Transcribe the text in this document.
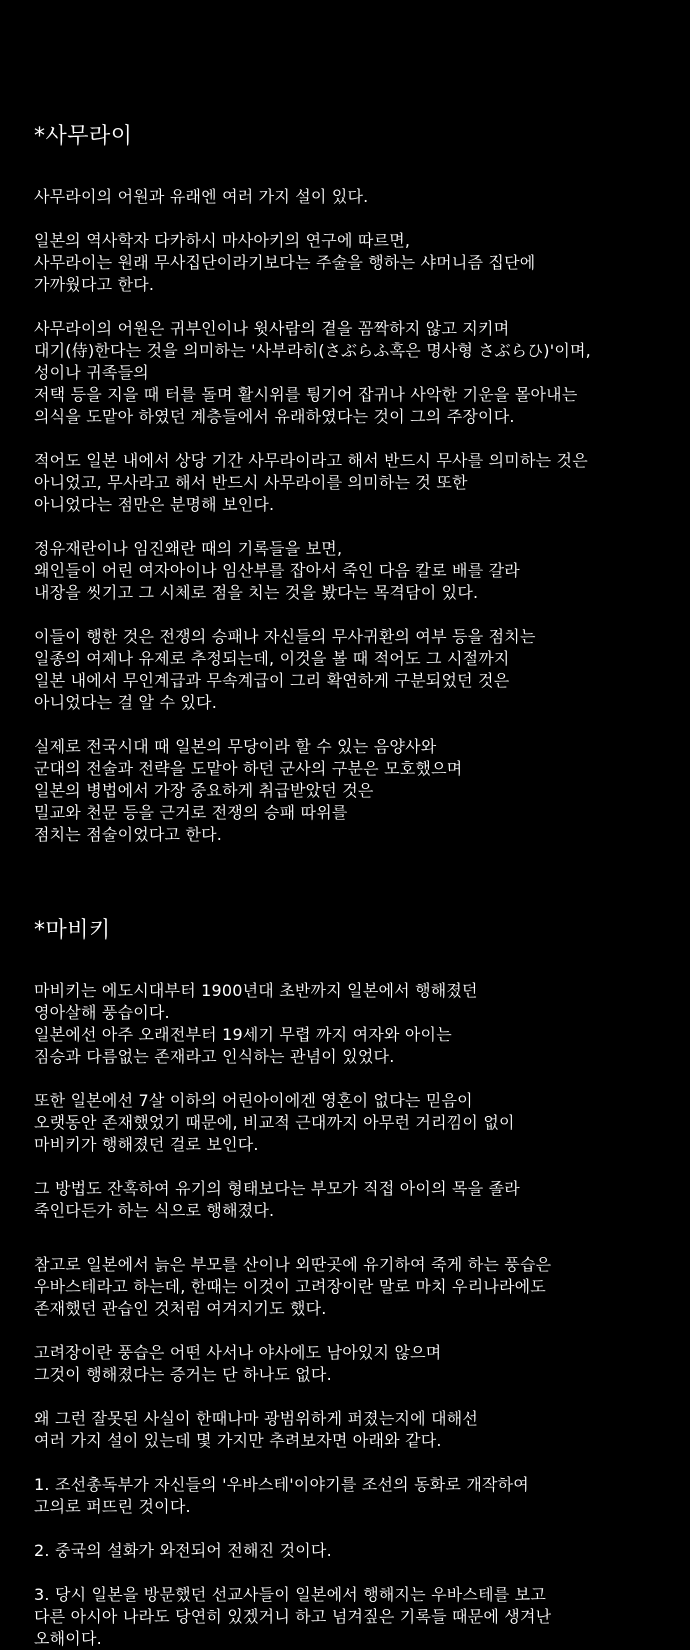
*사무라이

사무라이의 어원과 유래엔 여러 가지 설이 있다.

일본의 역사학자 다카하시 마사아키의 연구에 따르면,
사무라이는 원래 무사집단이라기보다는 주술을 행하는 샤머니즘 집단에
가까웠다고 한다.

사무라이의 어원은 귀부인이나 윗사람의 곁을 꼼짝하지 않고 지키며
대기(侍)한다는 것을 의미하는 '사부라히(さぶらふ혹은 명사형 さぶらひ)'이며,
성이나 귀족들의
저택 등을 지을 때 터를 돌며 활시위를 튕기어 잡귀나 사악한 기운을 몰아내는
의식을 도맡아 하였던 계층들에서 유래하였다는 것이 그의 주장이다.

적어도 일본 내에서 상당 기간 사무라이라고 해서 반드시 무사를 의미하는 것은
아니었고, 무사라고 해서 반드시 사무라이를 의미하는 것 또한
아니었다는 점만은 분명해 보인다.

정유재란이나 임진왜란 때의 기록들을 보면,
왜인들이 어린 여자아이나 임산부를 잡아서 죽인 다음 칼로 배를 갈라
내장을 씻기고 그 시체로 점을 치는 것을 봤다는 목격담이 있다.

이들이 행한 것은 전쟁의 승패나 자신들의 무사귀환의 여부 등을 점치는
일종의 여제나 유제로 추정되는데, 이것을 볼 때 적어도 그 시절까지
일본 내에서 무인계급과 무속계급이 그리 확연하게 구분되었던 것은
아니었다는 걸 알 수 있다.

실제로 전국시대 때 일본의 무당이라 할 수 있는 음양사와
군대의 전술과 전략을 도맡아 하던 군사의 구분은 모호했으며
일본의 병법에서 가장 중요하게 취급받았던 것은
밀교와 천문 등을 근거로 전쟁의 승패 따위를
점치는 점술이었다고 한다.

*마비키

마비키는 에도시대부터 1900년대 초반까지 일본에서 행해졌던
영아살해 풍습이다.
일본에선 아주 오래전부터 19세기 무렵 까지 여자와 아이는
짐승과 다름없는 존재라고 인식하는 관념이 있었다.

또한 일본에선 7살 이하의 어린아이에겐 영혼이 없다는 믿음이
오랫동안 존재했었기 때문에, 비교적 근대까지 아무런 거리낌이 없이
마비키가 행해졌던 걸로 보인다.

그 방법도 잔혹하여 유기의 형태보다는 부모가 직접 아이의 목을 졸라
죽인다든가 하는 식으로 행해졌다.

참고로 일본에서 늙은 부모를 산이나 외딴곳에 유기하여 죽게 하는 풍습은
우바스테라고 하는데, 한때는 이것이 고려장이란 말로 마치 우리나라에도
존재했던 관습인 것처럼 여겨지기도 했다.

고려장이란 풍습은 어떤 사서나 야사에도 남아있지 않으며
그것이 행해졌다는 증거는 단 하나도 없다.

왜 그런 잘못된 사실이 한때나마 광범위하게 퍼졌는지에 대해선
여러 가지 설이 있는데 몇 가지만 추려보자면 아래와 같다.

1. 조선총독부가 자신들의 '우바스테'이야기를 조선의 동화로 개작하여
고의로 퍼뜨린 것이다.

2. 중국의 설화가 와전되어 전해진 것이다.

3. 당시 일본을 방문했던 선교사들이 일본에서 행해지는 우바스테를 보고
다른 아시아 나라도 당연히 있겠거니 하고 넘겨짚은 기록들 때문에 생겨난
오해이다.
